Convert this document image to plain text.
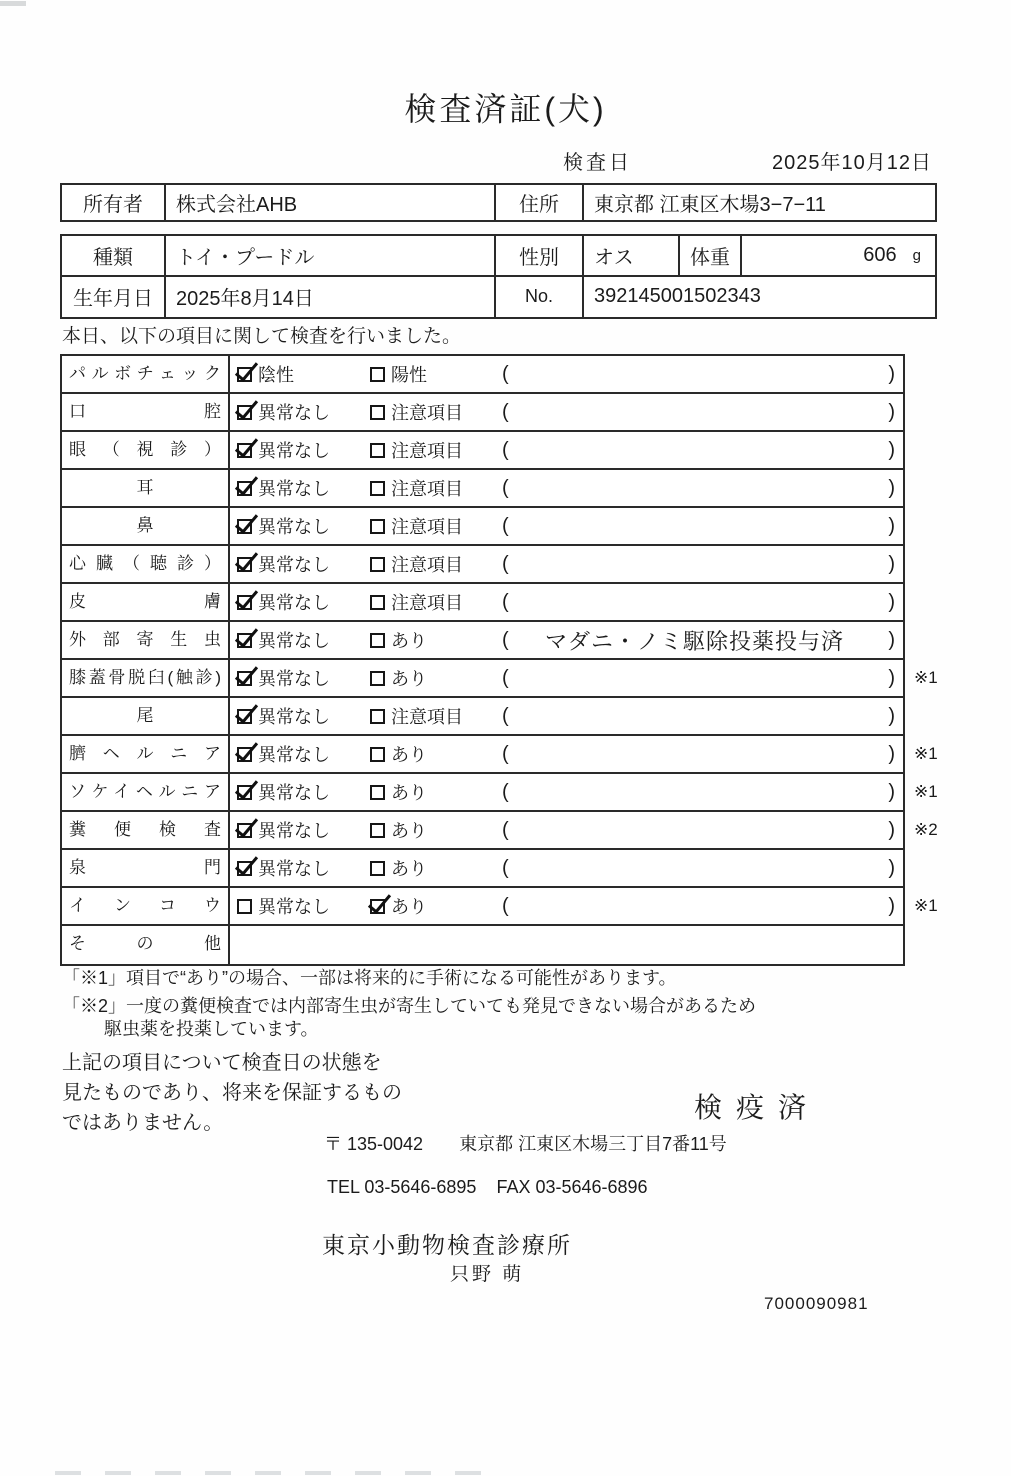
検査済証(犬)
検査日	2025年10月12日
所有者	株式会社AHB	住所	東京都 江東区木場3−7−11
種類	トイ・プードル	性別	オス	体重	606 g
生年月日	2025年8月14日	No.	392145001502343
本日、以下の項目に関して検査を行いました。
パルボチェック	陰性	陽性	(	)
口腔	異常なし	注意項目 (	)
眼（視診）	異常なし	注意項目 (	)
耳	異常なし	注意項目 (	)
鼻	異常なし	注意項目 (	)
心臓（聴診）	異常なし	注意項目 (	)
皮膚	異常なし	注意項目 (	)
外部寄生虫	異常なし	あり	(	マダニ・ノミ駆除投薬投与済	)
膝蓋骨脱臼(触診)	異常なし	あり	(	) ※1
尾	異常なし	注意項目 (	)
臍ヘルニア	異常なし	あり	(	) ※1
ソケイヘルニア	異常なし	あり	(	) ※1
糞便検査	異常なし	あり	(	) ※2
泉門	異常なし	あり	(	)
インコウ	異常なし	あり	(	) ※1
その他
「※1」項目で“あり”の場合、一部は将来的に手術になる可能性があります。
「※2」一度の糞便検査では内部寄生虫が寄生していても発見できない場合があるため
駆虫薬を投薬しています。
上記の項目について検査日の状態を
見たものであり、将来を保証するもの
ではありません。	検疫済
〒 135-0042 東京都 江東区木場三丁目7番11号
TEL 03-5646-6895 FAX 03-5646-6896
東京小動物検査診療所
只野 萌
7000090981
